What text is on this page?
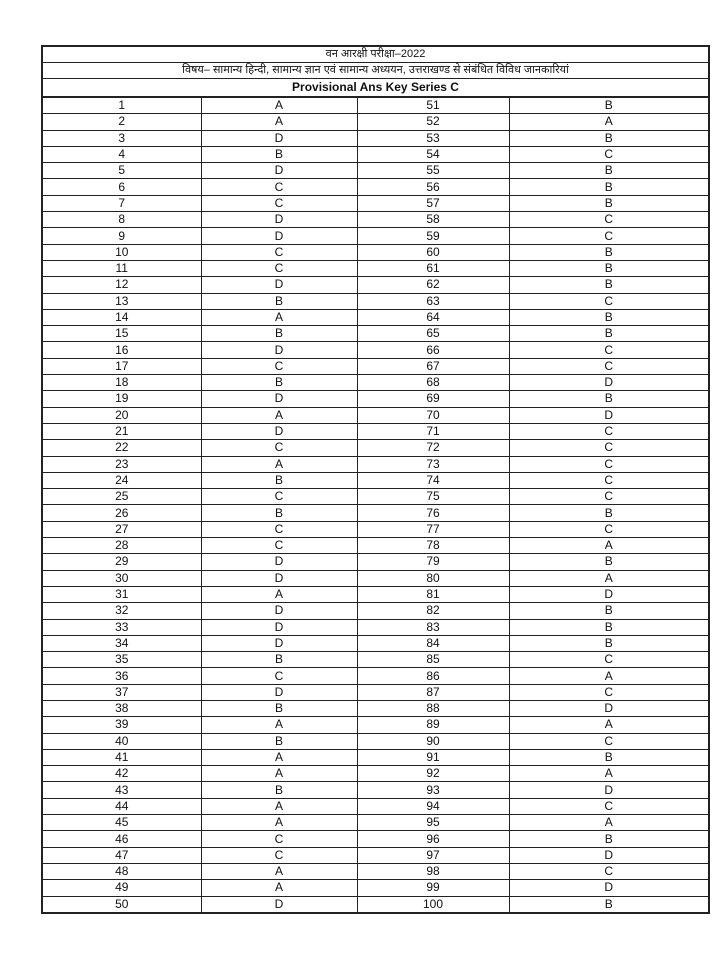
वन आरक्षी परीक्षा–2022
विषय– सामान्य हिन्दी, सामान्य ज्ञान एवं सामान्य अध्ययन, उत्तराखण्ड से संबंधित विविध जानकारियां
Provisional Ans Key Series C
1	A	51	B
2	A	52	A
3	D	53	B
4	B	54	C
5	D	55	B
6	C	56	B
7	C	57	B
8	D	58	C
9	D	59	C
10	C	60	B
11	C	61	B
12	D	62	B
13	B	63	C
14	A	64	B
15	B	65	B
16	D	66	C
17	C	67	C
18	B	68	D
19	D	69	B
20	A	70	D
21	D	71	C
22	C	72	C
23	A	73	C
24	B	74	C
25	C	75	C
26	B	76	B
27	C	77	C
28	C	78	A
29	D	79	B
30	D	80	A
31	A	81	D
32	D	82	B
33	D	83	B
34	D	84	B
35	B	85	C
36	C	86	A
37	D	87	C
38	B	88	D
39	A	89	A
40	B	90	C
41	A	91	B
42	A	92	A
43	B	93	D
44	A	94	C
45	A	95	A
46	C	96	B
47	C	97	D
48	A	98	C
49	A	99	D
50	D	100	B
